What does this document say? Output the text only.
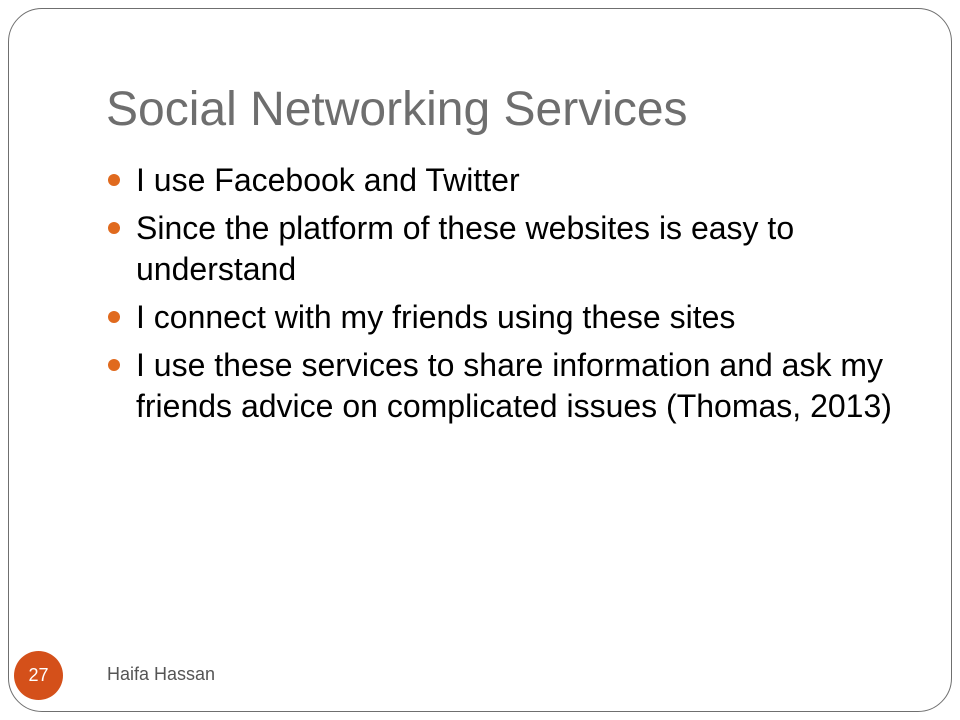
Social Networking Services
I use Facebook and Twitter
Since the platform of these websites is easy to understand
I connect with my friends using these sites
I use these services to share information and ask my friends advice on complicated issues (Thomas, 2013)
27	Haifa Hassan
